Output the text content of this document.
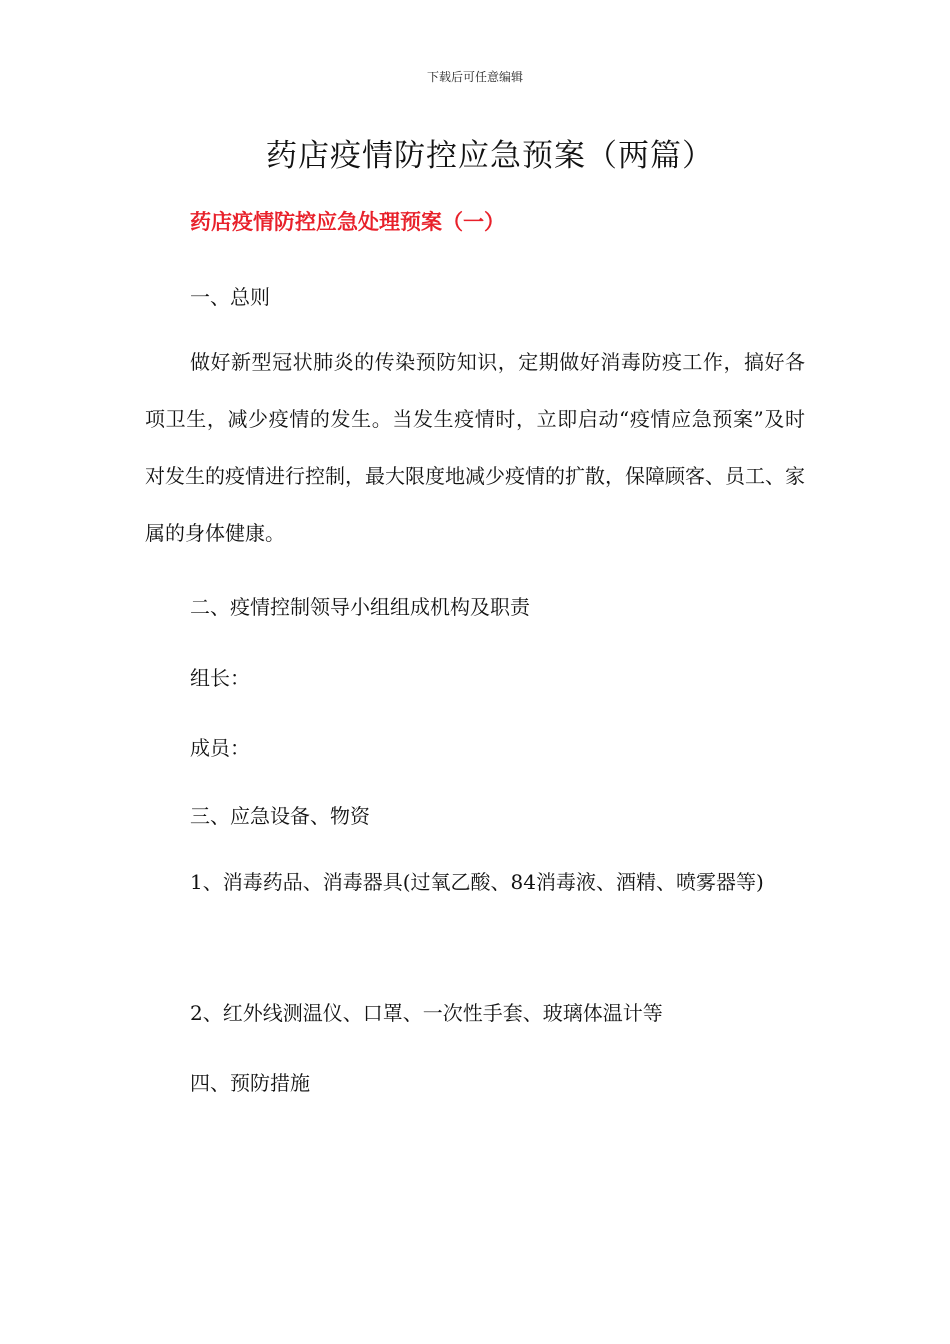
下载后可任意编辑
药店疫情防控应急预案（两篇）
药店疫情防控应急处理预案（一）
一、总则
做好新型冠状肺炎的传染预防知识，定期做好消毒防疫工作，搞好各项卫生，减少疫情的发生。当发生疫情时，立即启动“疫情应急预案”及时对发生的疫情进行控制，最大限度地减少疫情的扩散，保障顾客、员工、家属的身体健康。
二、疫情控制领导小组组成机构及职责
组长：
成员：
三、应急设备、物资
1、消毒药品、消毒器具(过氧乙酸、84消毒液、酒精、喷雾器等)
2、红外线测温仪、口罩、一次性手套、玻璃体温计等
四、预防措施
